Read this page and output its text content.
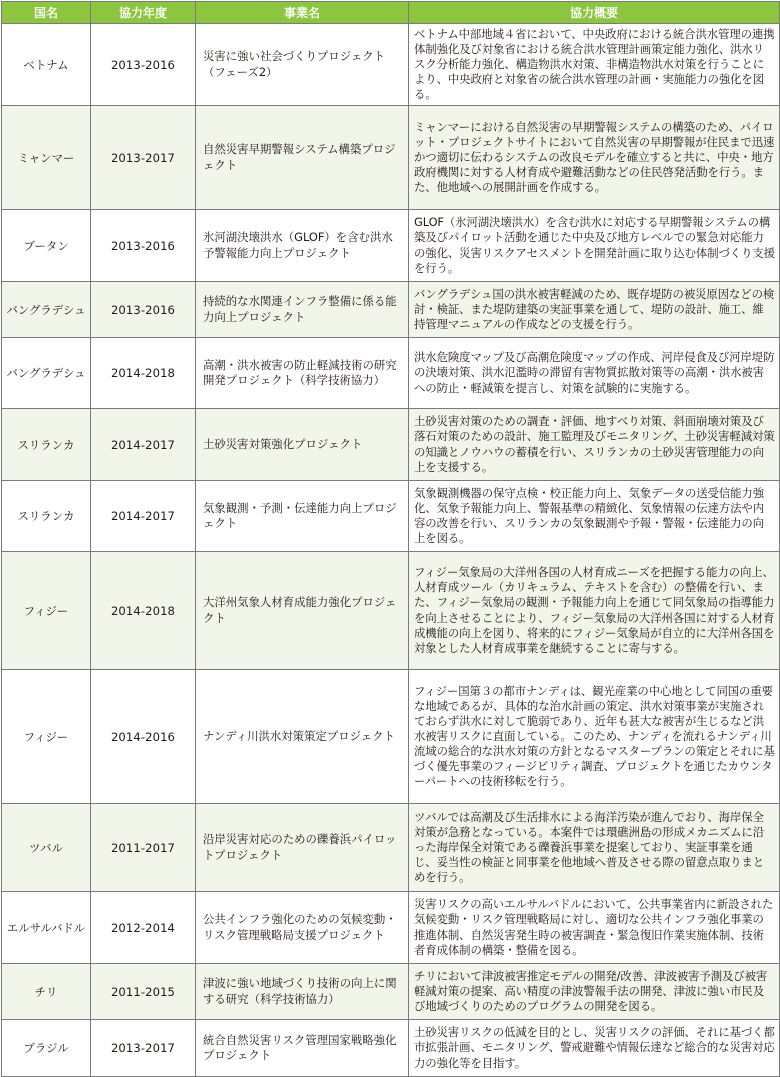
国名	協力年度	事業名	協力概要
ベトナム	2013-2016	災害に強い社会づくりプロジェクト（フェーズ2）	ベトナム中部地域４省において、中央政府における統合洪水管理の連携体制強化及び対象省における統合洪水管理計画策定能力強化、洪水リスク分析能力強化、構造物洪水対策、非構造物洪水対策を行うことにより、中央政府と対象省の統合洪水管理の計画・実施能力の強化を図る。
ミャンマー	2013-2017	自然災害早期警報システム構築プロジェクト	ミャンマーにおける自然災害の早期警報システムの構築のため、パイロット・プロジェクトサイトにおいて自然災害の早期警報が住民まで迅速かつ適切に伝わるシステムの改良モデルを確立すると共に、中央・地方政府機関に対する人材育成や避難活動などの住民啓発活動を行う。また、他地域への展開計画を作成する。
ブータン	2013-2016	氷河湖決壊洪水（GLOF）を含む洪水予警報能力向上プロジェクト	GLOF（氷河湖決壊洪水）を含む洪水に対応する早期警報システムの構築及びパイロット活動を通じた中央及び地方レベルでの緊急対応能力の強化、災害リスクアセスメントを開発計画に取り込む体制づくり支援を行う。
バングラデシュ	2013-2016	持続的な水関連インフラ整備に係る能力向上プロジェクト	バングラデシュ国の洪水被害軽減のため、既存堤防の被災原因などの検討・検証、また堤防建築の実証事業を通して、堤防の設計、施工、維持管理マニュアルの作成などの支援を行う。
バングラデシュ	2014-2018	高潮・洪水被害の防止軽減技術の研究開発プロジェクト（科学技術協力）	洪水危険度マップ及び高潮危険度マップの作成、河岸侵食及び河岸堤防の決壊対策、洪水氾濫時の滞留有害物質拡散対策等の高潮・洪水被害への防止・軽減策を提言し、対策を試験的に実施する。
スリランカ	2014-2017	土砂災害対策強化プロジェクト	土砂災害対策のための調査・評価、地すべり対策、斜面崩壊対策及び落石対策のための設計、施工監理及びモニタリング、土砂災害軽減対策の知識とノウハウの蓄積を行い、スリランカの土砂災害管理能力の向上を支援する。
スリランカ	2014-2017	気象観測・予測・伝達能力向上プロジェクト	気象観測機器の保守点検・校正能力向上、気象データの送受信能力強化、気象予報能力向上、警報基準の精緻化、気象情報の伝達方法や内容の改善を行い、スリランカの気象観測や予報・警報・伝達能力の向上を図る。
フィジー	2014-2018	大洋州気象人材育成能力強化プロジェクト	フィジー気象局の大洋州各国の人材育成ニーズを把握する能力の向上、人材育成ツール（カリキュラム、テキストを含む）の整備を行い、また、フィジー気象局の観測・予報能力向上を通じて同気象局の指導能力を向上させることにより、フィジー気象局の大洋州各国に対する人材育成機能の向上を図り、将来的にフィジー気象局が自立的に大洋州各国を対象とした人材育成事業を継続することに寄与する。
フィジー	2014-2016	ナンディ川洪水対策策定プロジェクト	フィジー国第３の都市ナンディは、観光産業の中心地として同国の重要な地域であるが、具体的な治水計画の策定、洪水対策事業が実施されておらず洪水に対して脆弱であり、近年も甚大な被害が生じるなど洪水被害リスクに直面している。このため、ナンディを流れるナンディ川流域の総合的な洪水対策の方針となるマスタープランの策定とそれに基づく優先事業のフィージビリティ調査、プロジェクトを通じたカウンターパートへの技術移転を行う。
ツバル	2011-2017	沿岸災害対応のための礫養浜パイロットプロジェクト	ツバルでは高潮及び生活排水による海洋汚染が進んでおり、海岸保全対策が急務となっている。本案件では環礁洲島の形成メカニズムに沿った海岸保全対策である礫養浜事業を提案しており、実証事業を通じ、妥当性の検証と同事業を他地域へ普及させる際の留意点取りまとめを行う。
エルサルバドル	2012-2014	公共インフラ強化のための気候変動・リスク管理戦略局支援プロジェクト	災害リスクの高いエルサルバドルにおいて、公共事業省内に新設された気候変動・リスク管理戦略局に対し、適切な公共インフラ強化事業の推進体制、自然災害発生時の被害調査・緊急復旧作業実施体制、技術者育成体制の構築・整備を図る。
チリ	2011-2015	津波に強い地域づくり技術の向上に関する研究（科学技術協力）	チリにおいて津波被害推定モデルの開発/改善、津波被害予測及び被害軽減対策の提案、高い精度の津波警報手法の開発、津波に強い市民及び地域づくりのためのプログラムの開発を図る。
ブラジル	2013-2017	統合自然災害リスク管理国家戦略強化プロジェクト	土砂災害リスクの低減を目的とし、災害リスクの評価、それに基づく都市拡張計画、モニタリング、警戒避難や情報伝達など総合的な災害対応力の強化等を目指す。
